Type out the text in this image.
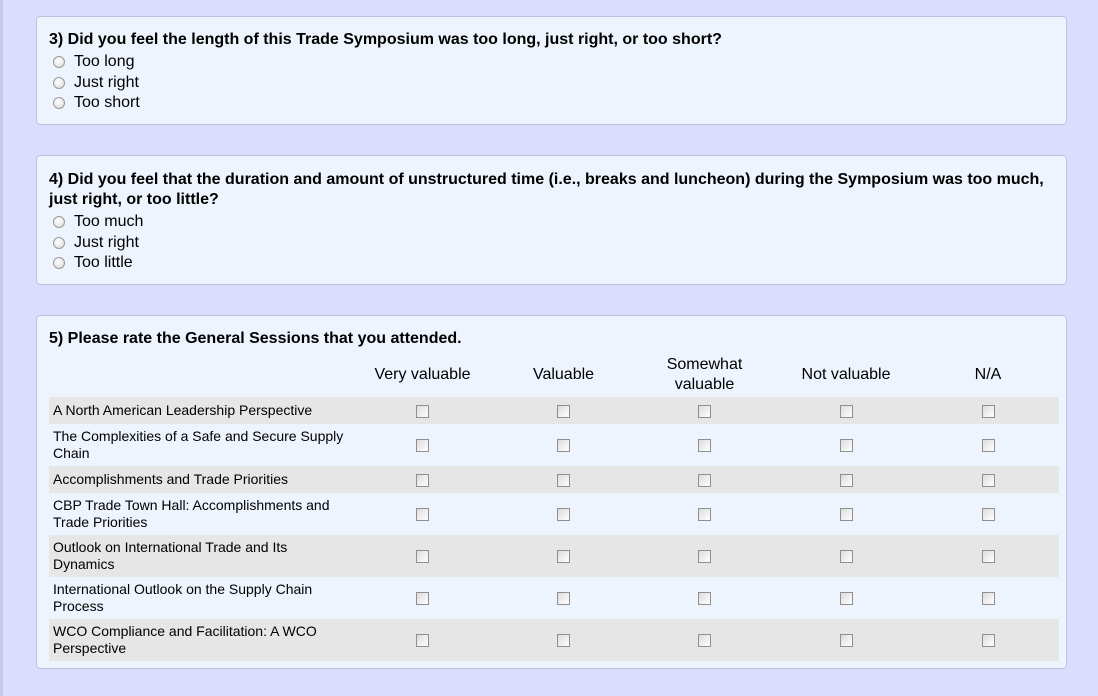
3) Did you feel the length of this Trade Symposium was too long, just right, or too short?
Too long
Just right
Too short
4) Did you feel that the duration and amount of unstructured time (i.e., breaks and luncheon) during the Symposium was too much, just right, or too little?
Too much
Just right
Too little
5) Please rate the General Sessions that you attended.
	Very valuable	Valuable	Somewhat valuable	Not valuable	N/A
A North American Leadership Perspective					
The Complexities of a Safe and Secure Supply Chain					
Accomplishments and Trade Priorities					
CBP Trade Town Hall: Accomplishments and Trade Priorities					
Outlook on International Trade and Its Dynamics					
International Outlook on the Supply Chain Process					
WCO Compliance and Facilitation: A WCO Perspective					
